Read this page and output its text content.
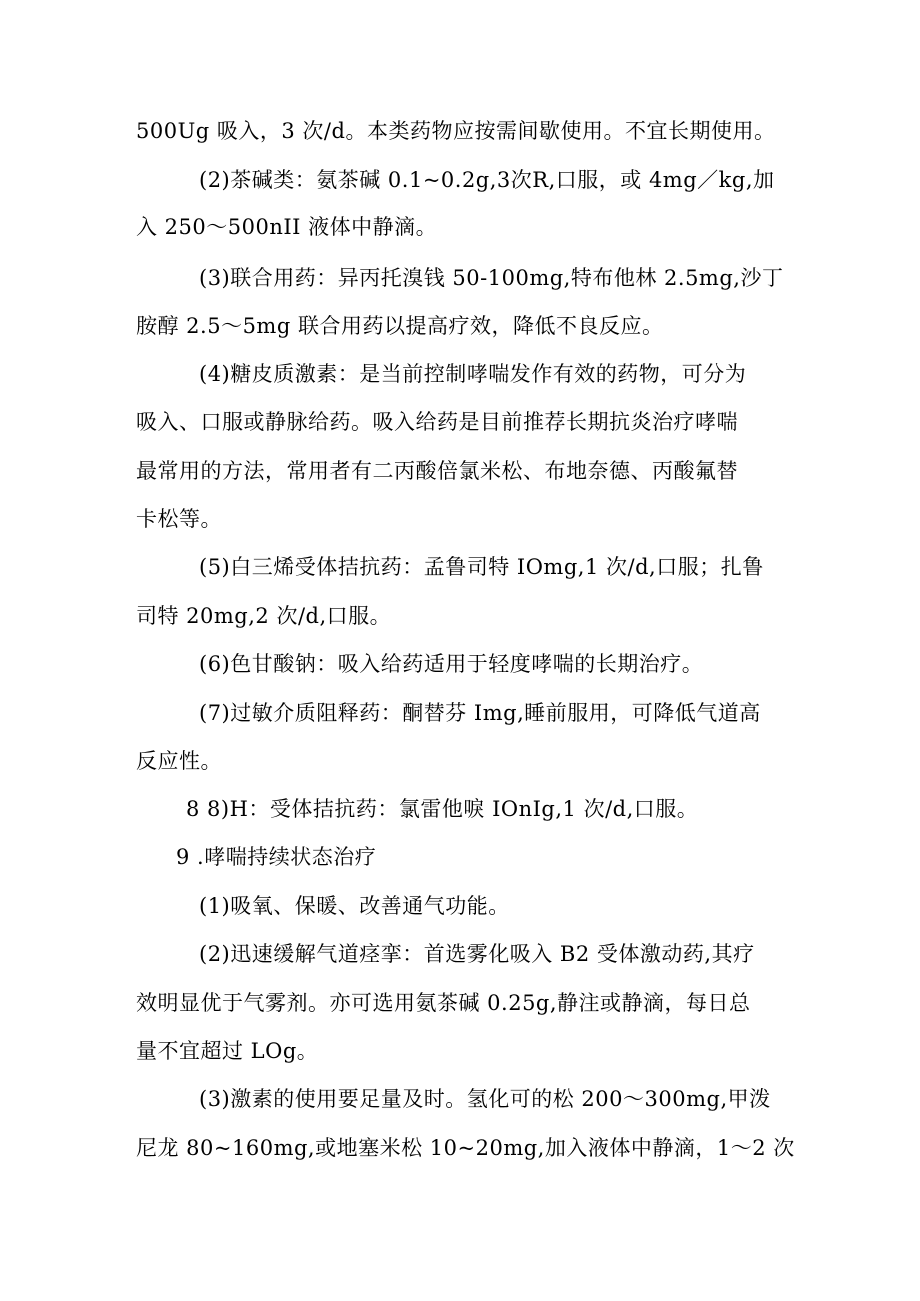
500Ug 吸入，3 次/d。本类药物应按需间歇使用。不宜长期使用。
(2)茶碱类：氨茶碱 0.1~0.2g,3次R,口服，或 4mg／kg,加
入 250～500nII 液体中静滴。
(3)联合用药：异丙托溴钱 50-100mg,特布他林 2.5mg,沙丁
胺醇 2.5～5mg 联合用药以提高疗效，降低不良反应。
(4)糖皮质激素：是当前控制哮喘发作有效的药物，可分为
吸入、口服或静脉给药。吸入给药是目前推荐长期抗炎治疗哮喘
最常用的方法，常用者有二丙酸倍氯米松、布地奈德、丙酸氟替
卡松等。
(5)白三烯受体拮抗药：孟鲁司特 IOmg,1 次/d,口服；扎鲁
司特 20mg,2 次/d,口服。
(6)色甘酸钠：吸入给药适用于轻度哮喘的长期治疗。
(7)过敏介质阻释药：酮替芬 Img,睡前服用，可降低气道高
反应性。
8 8)H：受体拮抗药：氯雷他唳 IOnIg,1 次/d,口服。
9 .哮喘持续状态治疗
(1)吸氧、保暖、改善通气功能。
(2)迅速缓解气道痉挛：首选雾化吸入 B2 受体激动药,其疗
效明显优于气雾剂。亦可选用氨茶碱 0.25g,静注或静滴，每日总
量不宜超过 LOg。
(3)激素的使用要足量及时。氢化可的松 200～300mg,甲泼
尼龙 80~160mg,或地塞米松 10~20mg,加入液体中静滴，1～2 次
